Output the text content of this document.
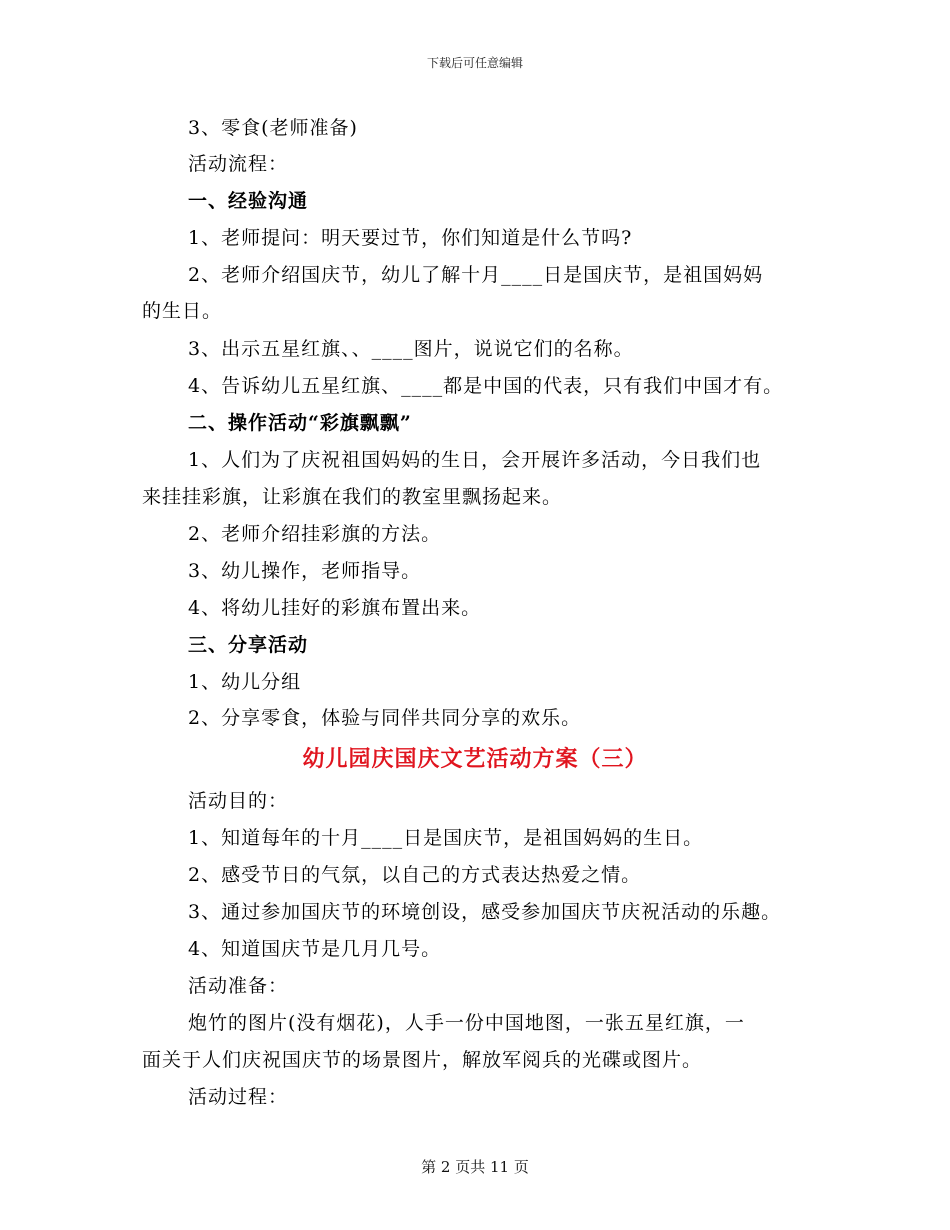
下载后可任意编辑
3、零食(老师准备)
活动流程：
一、经验沟通
1、老师提问：明天要过节，你们知道是什么节吗?
2、老师介绍国庆节，幼儿了解十月____日是国庆节，是祖国妈妈
的生日。
3、出示五星红旗、、____图片，说说它们的名称。
4、告诉幼儿五星红旗、____都是中国的代表，只有我们中国才有。
二、操作活动“彩旗飘飘”
1、人们为了庆祝祖国妈妈的生日，会开展许多活动，今日我们也
来挂挂彩旗，让彩旗在我们的教室里飘扬起来。
2、老师介绍挂彩旗的方法。
3、幼儿操作，老师指导。
4、将幼儿挂好的彩旗布置出来。
三、分享活动
1、幼儿分组
2、分享零食，体验与同伴共同分享的欢乐。
幼儿园庆国庆文艺活动方案（三）
活动目的：
1、知道每年的十月____日是国庆节，是祖国妈妈的生日。
2、感受节日的气氛，以自己的方式表达热爱之情。
3、通过参加国庆节的环境创设，感受参加国庆节庆祝活动的乐趣。
4、知道国庆节是几月几号。
活动准备：
炮竹的图片(没有烟花)，人手一份中国地图，一张五星红旗，一
面关于人们庆祝国庆节的场景图片，解放军阅兵的光碟或图片。
活动过程：
第 2 页共 11 页
